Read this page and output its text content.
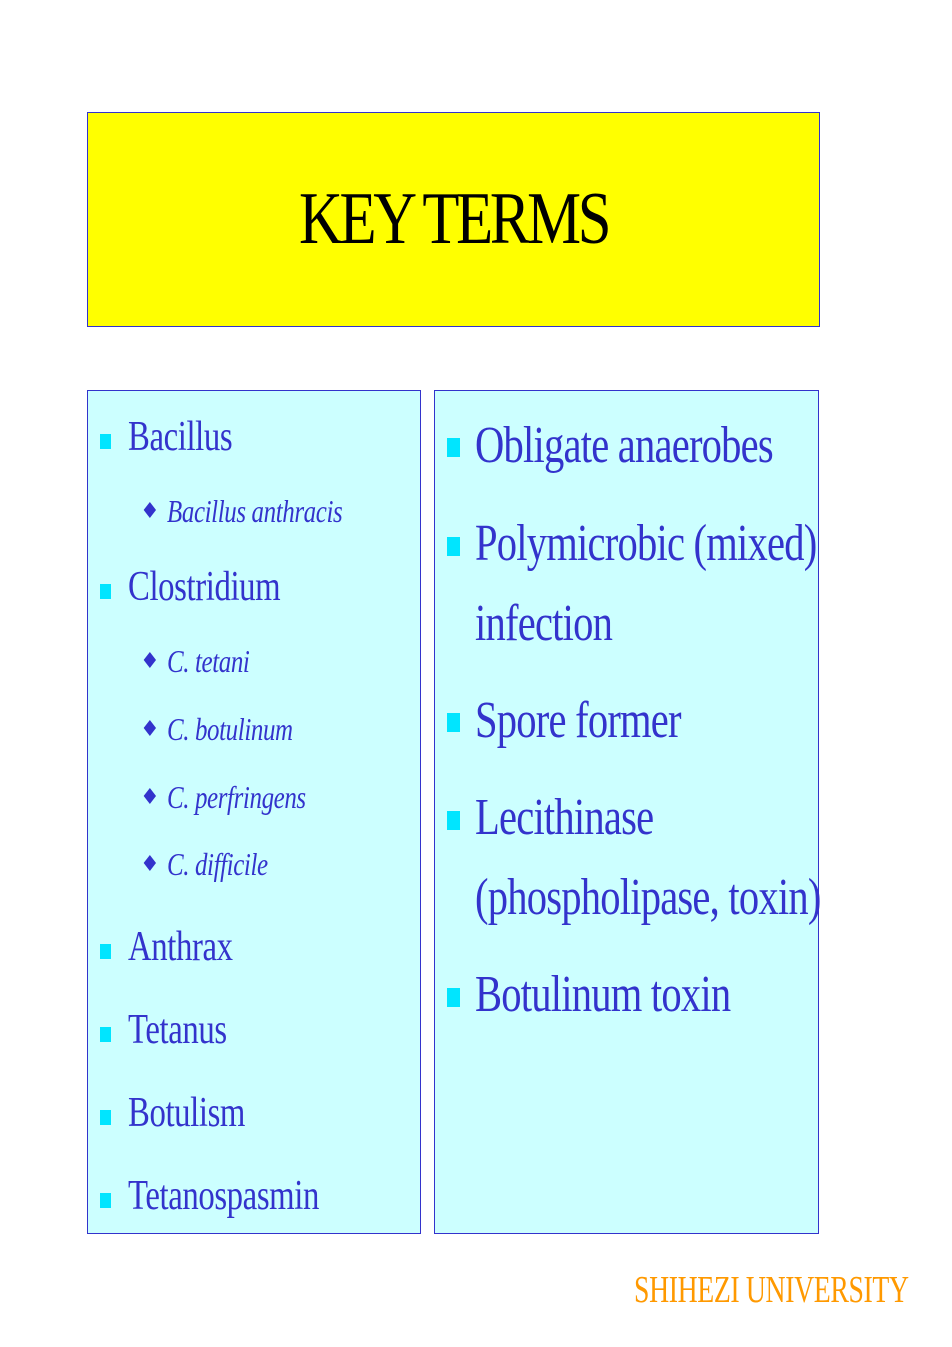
KEY TERMS
Bacillus
♦ Bacillus anthracis
Clostridium
♦ C. tetani
♦ C. botulinum
♦ C. perfringens
♦ C. difficile
Anthrax
Tetanus
Botulism
Tetanospasmin
Obligate anaerobes
Polymicrobic (mixed)
infection
Spore former
Lecithinase
(phospholipase, toxin)
Botulinum toxin
SHIHEZI UNIVERSITY
